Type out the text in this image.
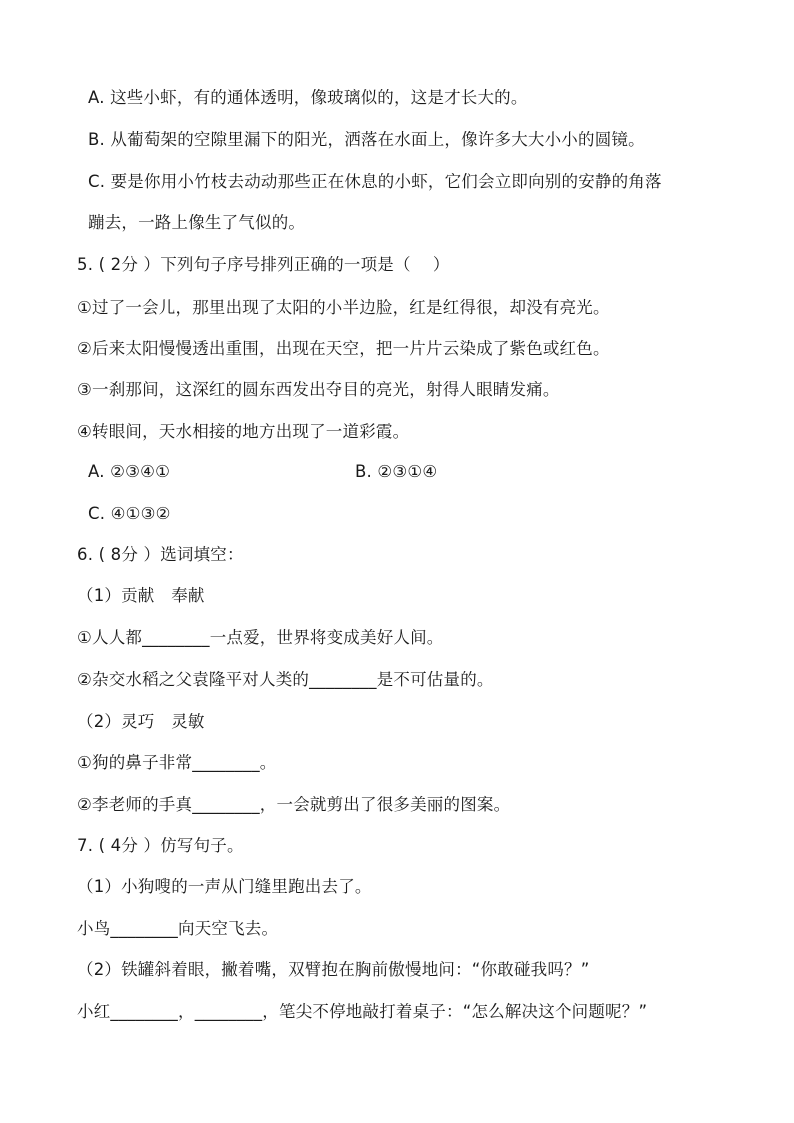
A. 这些小虾，有的通体透明，像玻璃似的，这是才长大的。
B. 从葡萄架的空隙里漏下的阳光，洒落在水面上，像许多大大小小的圆镜。
C. 要是你用小竹枝去动动那些正在休息的小虾，它们会立即向别的安静的角落
蹦去，一路上像生了气似的。
5. ( 2分 ）下列句子序号排列正确的一项是（　 ）
①过了一会儿，那里出现了太阳的小半边脸，红是红得很，却没有亮光。
②后来太阳慢慢透出重围，出现在天空，把一片片云染成了紫色或红色。
③一刹那间，这深红的圆东西发出夺目的亮光，射得人眼睛发痛。
④转眼间，天水相接的地方出现了一道彩霞。
A. ②③④①	B. ②③①④
C. ④①③②
6. ( 8分 ）选词填空：
（1）贡献　奉献
①人人都________一点爱，世界将变成美好人间。
②杂交水稻之父袁隆平对人类的________是不可估量的。
（2）灵巧　灵敏
①狗的鼻子非常________。
②李老师的手真________，一会就剪出了很多美丽的图案。
7. ( 4分 ）仿写句子。
（1）小狗嗖的一声从门缝里跑出去了。
小鸟________向天空飞去。
（2）铁罐斜着眼，撇着嘴，双臂抱在胸前傲慢地问：“你敢碰我吗？”
小红________，________，笔尖不停地敲打着桌子：“怎么解决这个问题呢？”
